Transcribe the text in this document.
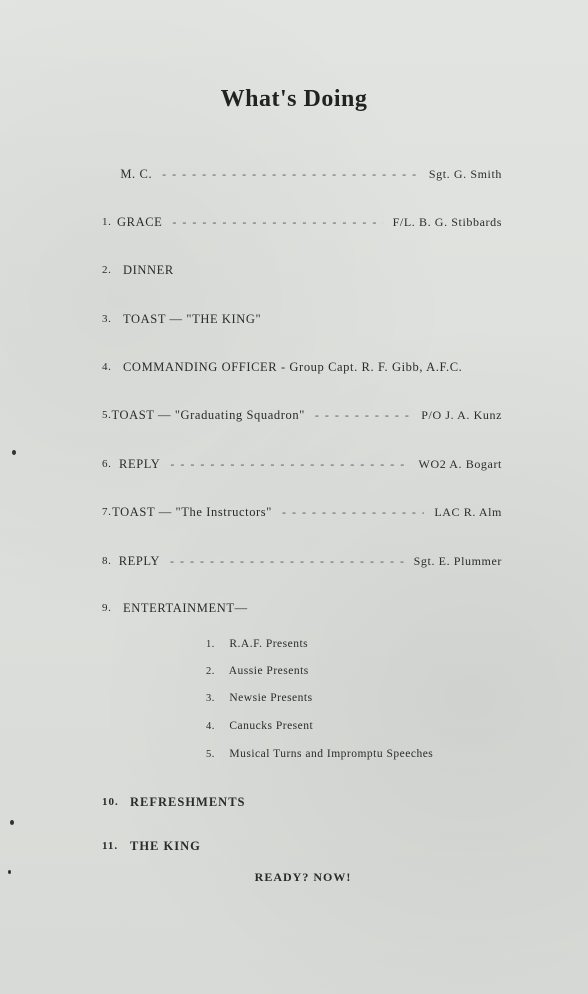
What's Doing
M. C. - -	Sgt. G. Smith
1. GRACE - -	F/L. B. G. Stibbards
2. DINNER
3. TOAST — "THE KING"
4. COMMANDING OFFICER - Group Capt. R. F. Gibb, A.F.C.
5. TOAST — "Graduating Squadron" - -	P/O J. A. Kunz
6. REPLY - -	WO2 A. Bogart
7. TOAST — "The Instructors" - -	LAC R. Alm
8. REPLY - -	Sgt. E. Plummer
9. ENTERTAINMENT—
1. R.A.F. Presents
2. Aussie Presents
3. Newsie Presents
4. Canucks Present
5. Musical Turns and Impromptu Speeches
10. REFRESHMENTS
11. THE KING
READY? NOW!
